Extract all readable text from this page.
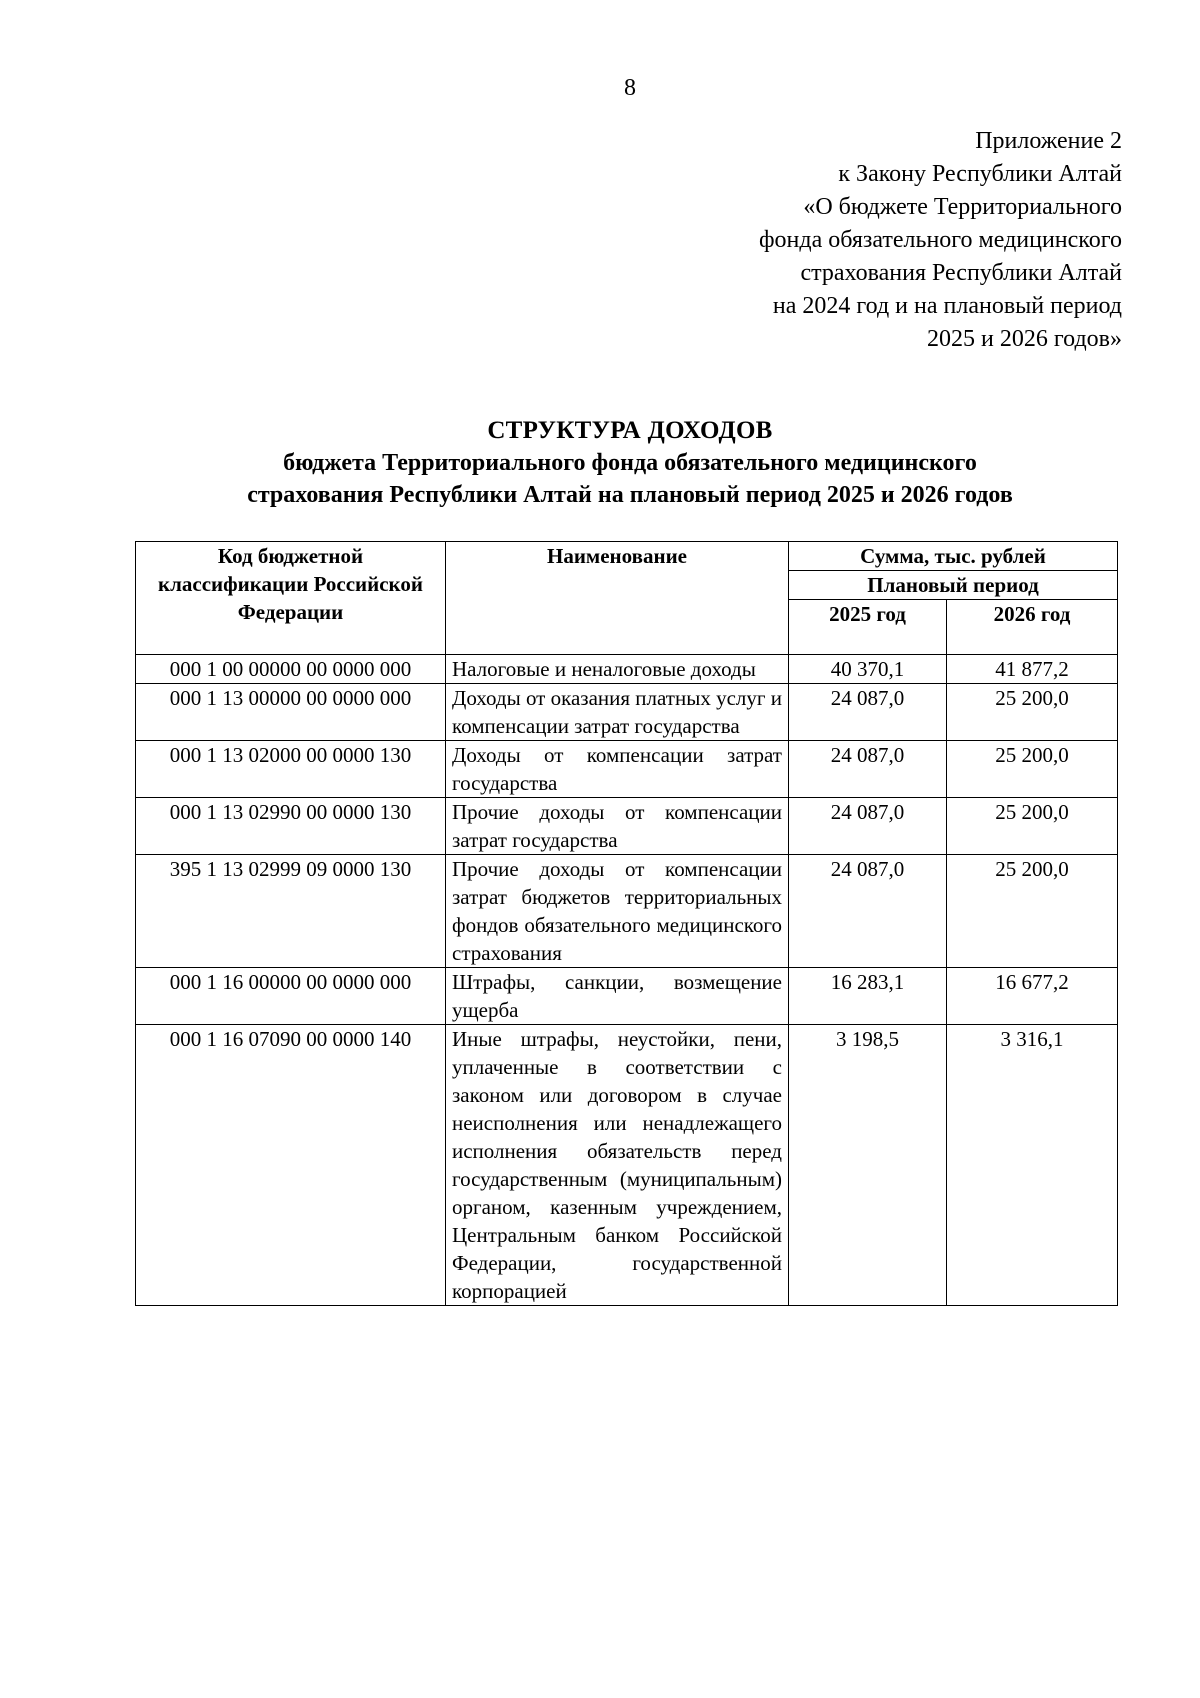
8
Приложение 2
к Закону Республики Алтай
«О бюджете Территориального
фонда обязательного медицинского
страхования Республики Алтай
на 2024 год и на плановый период
2025 и 2026 годов»
СТРУКТУРА ДОХОДОВ
бюджета Территориального фонда обязательного медицинского
страхования Республики Алтай на плановый период 2025 и 2026 годов
Код бюджетной классификации Российской Федерации	Наименование	Сумма, тыс. рублей	
		Плановый период	
		2025 год	2026 год
000 1 00 00000 00 0000 000	Налоговые и неналоговые доходы	40 370,1	41 877,2
000 1 13 00000 00 0000 000	Доходы от оказания платных услуг и компенсации затрат государства	24 087,0	25 200,0
000 1 13 02000 00 0000 130	Доходы от компенсации затрат государства	24 087,0	25 200,0
000 1 13 02990 00 0000 130	Прочие доходы от компенсации затрат государства	24 087,0	25 200,0
395 1 13 02999 09 0000 130	Прочие доходы от компенсации затрат бюджетов территориальных фондов обязательного медицинского страхования	24 087,0	25 200,0
000 1 16 00000 00 0000 000	Штрафы, санкции, возмещение ущерба	16 283,1	16 677,2
000 1 16 07090 00 0000 140	Иные штрафы, неустойки, пени, уплаченные в соответствии с законом или договором в случае неисполнения или ненадлежащего исполнения обязательств перед государственным (муниципальным) органом, казенным учреждением, Центральным банком Российской Федерации, государственной корпорацией	3 198,5	3 316,1
